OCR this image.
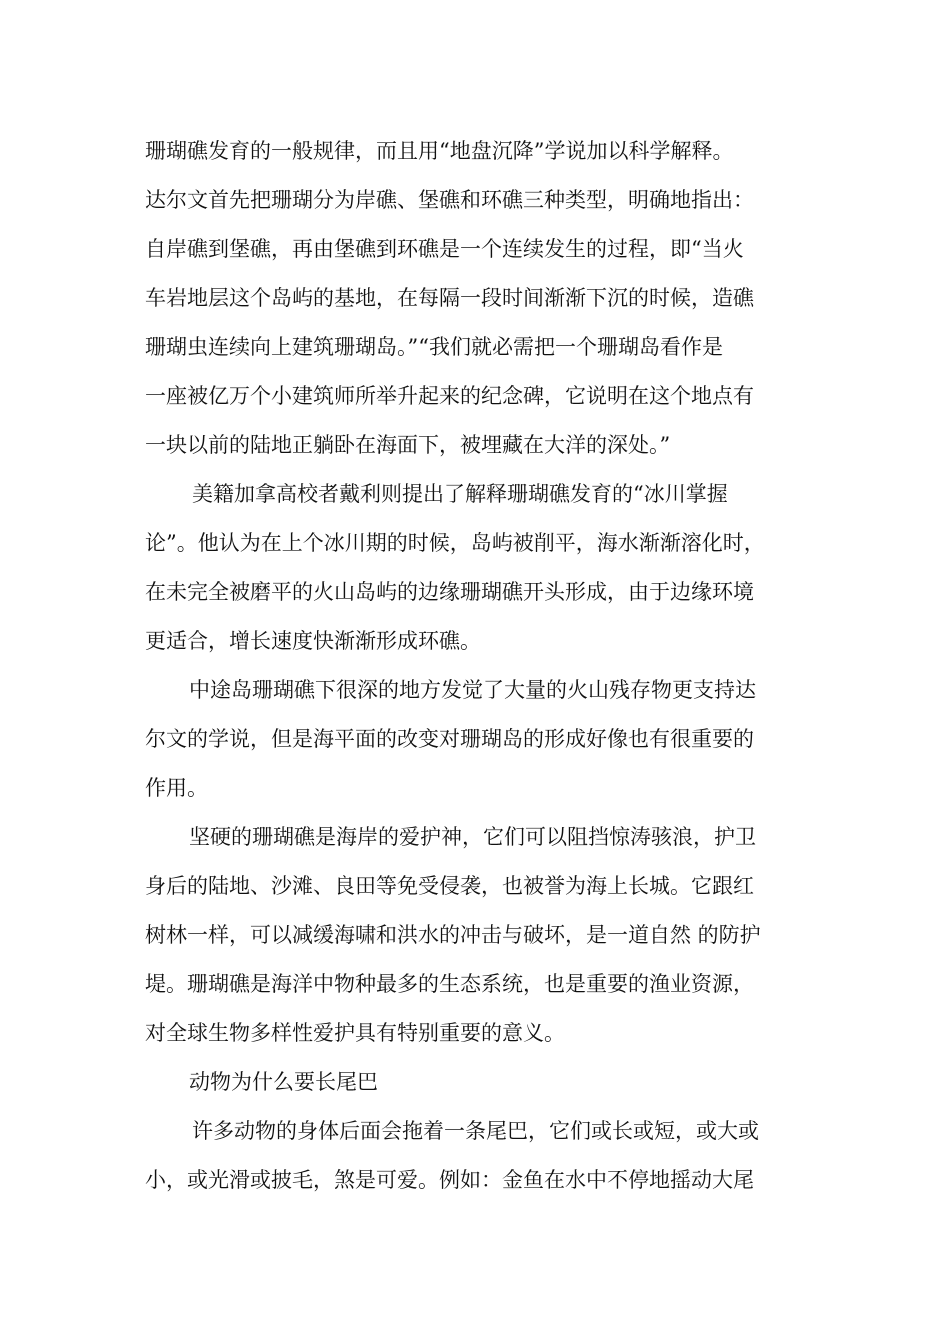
珊瑚礁发育的一般规律，而且用“地盘沉降”学说加以科学解释。
达尔文首先把珊瑚分为岸礁、堡礁和环礁三种类型，明确地指出：
自岸礁到堡礁，再由堡礁到环礁是一个连续发生的过程，即“当火
车岩地层这个岛屿的基地，在每隔一段时间渐渐下沉的时候，造礁
珊瑚虫连续向上建筑珊瑚岛。”“我们就必需把一个珊瑚岛看作是
一座被亿万个小建筑师所举升起来的纪念碑，它说明在这个地点有
一块以前的陆地正躺卧在海面下，被埋藏在大洋的深处。”
美籍加拿高校者戴利则提出了解释珊瑚礁发育的“冰川掌握
论”。他认为在上个冰川期的时候，岛屿被削平，海水渐渐溶化时，
在未完全被磨平的火山岛屿的边缘珊瑚礁开头形成，由于边缘环境
更适合，增长速度快渐渐形成环礁。
中途岛珊瑚礁下很深的地方发觉了大量的火山残存物更支持达
尔文的学说，但是海平面的改变对珊瑚岛的形成好像也有很重要的
作用。
坚硬的珊瑚礁是海岸的爱护神，它们可以阻挡惊涛骇浪，护卫
身后的陆地、沙滩、良田等免受侵袭，也被誉为海上长城。它跟红
树林一样，可以减缓海啸和洪水的冲击与破坏，是一道自然 的防护
堤。珊瑚礁是海洋中物种最多的生态系统，也是重要的渔业资源，
对全球生物多样性爱护具有特别重要的意义。
动物为什么要长尾巴
许多动物的身体后面会拖着一条尾巴，它们或长或短，或大或
小，或光滑或披毛，煞是可爱。例如：金鱼在水中不停地摇动大尾
